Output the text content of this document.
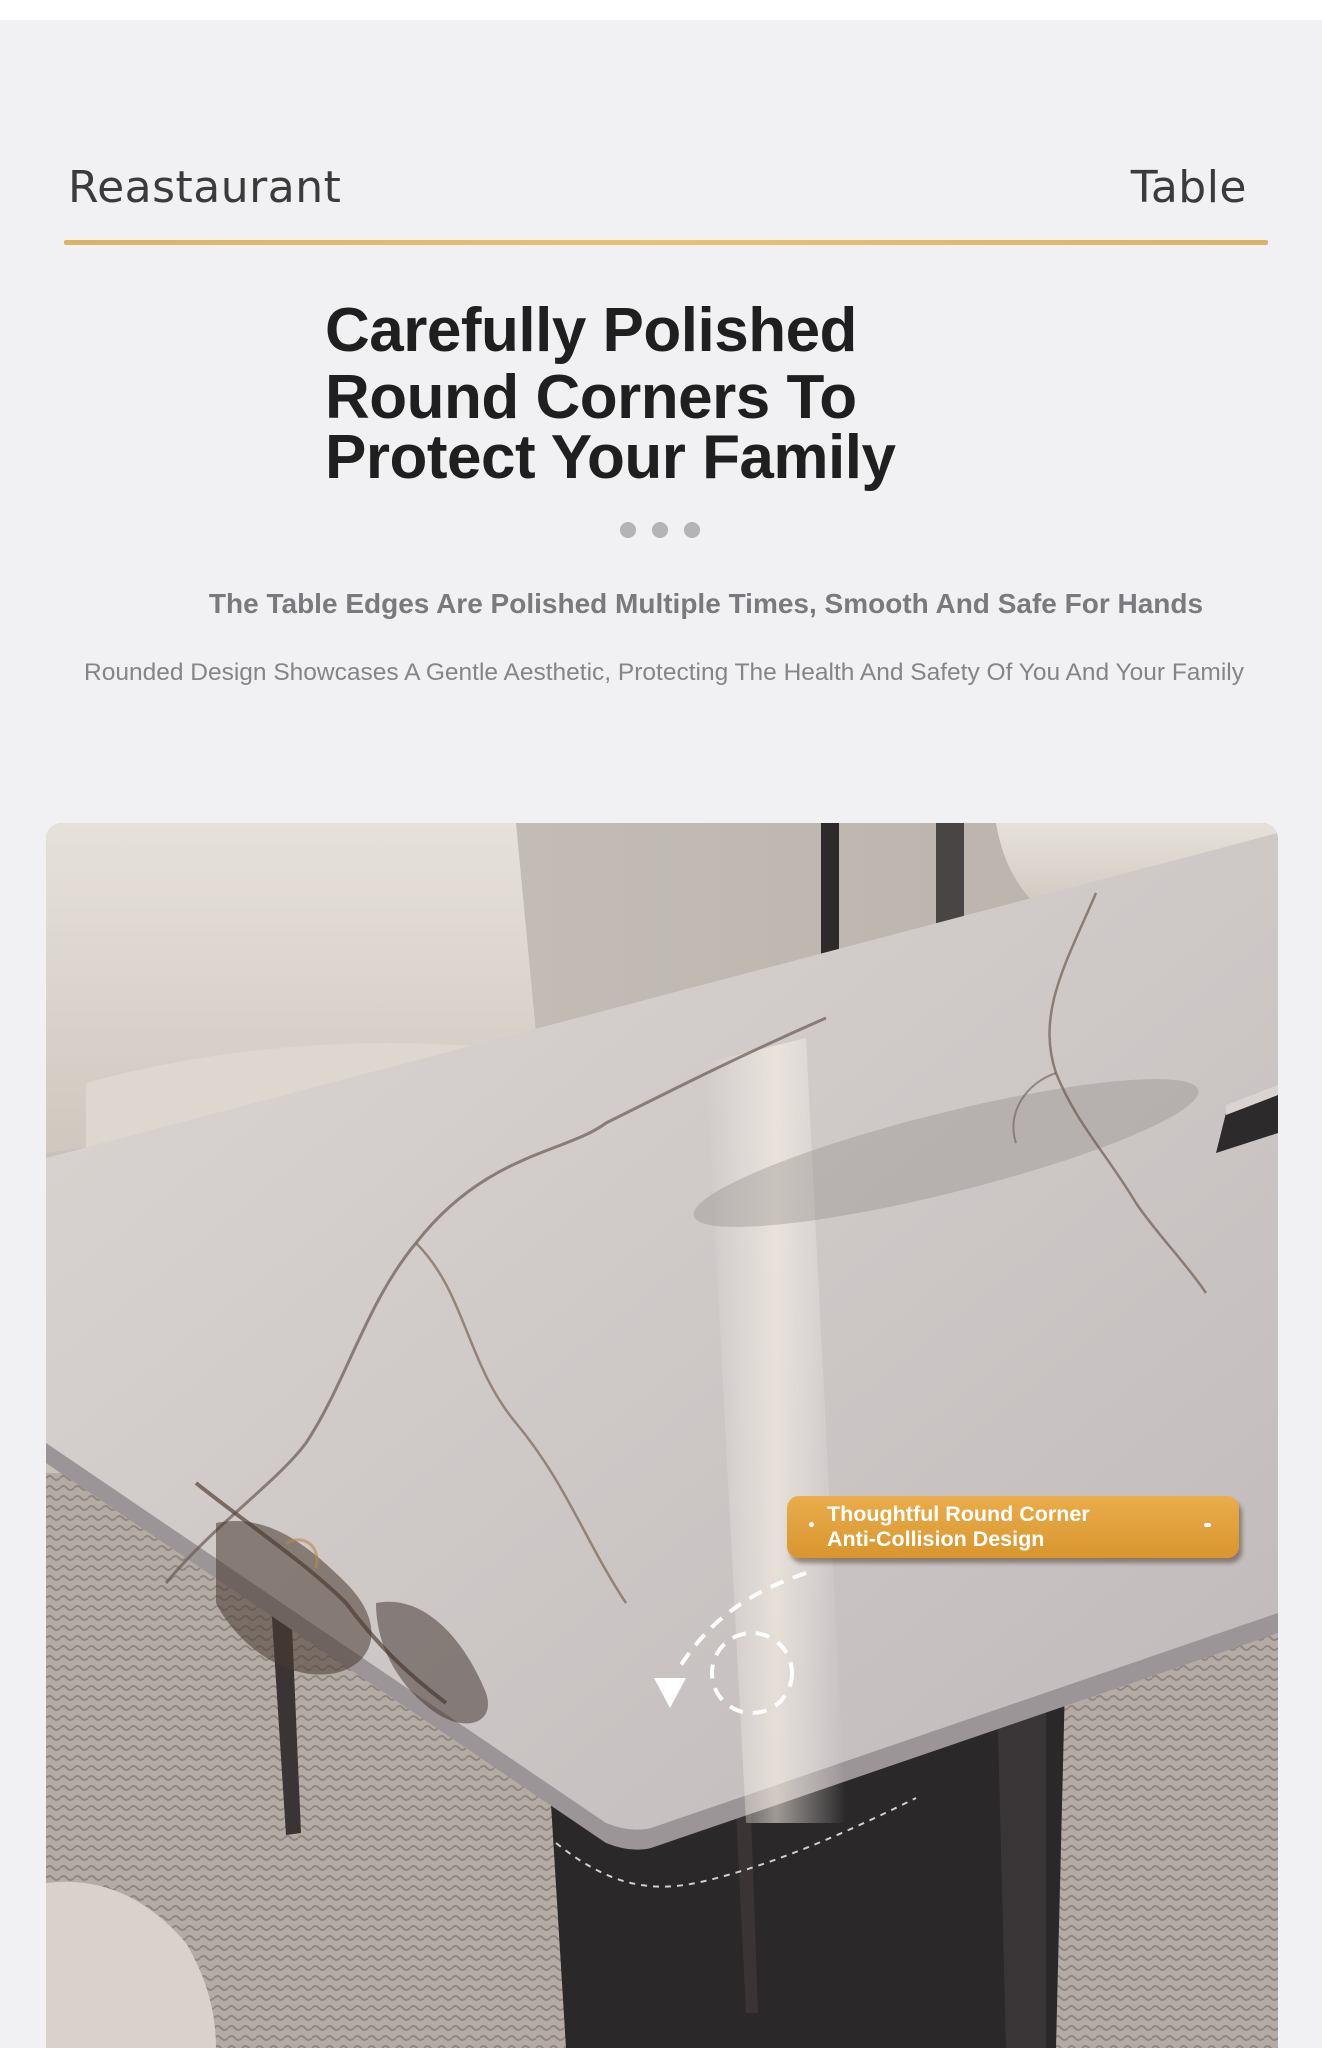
Reastaurant	Table
Carefully Polished
Round Corners To
Protect Your Family
The Table Edges Are Polished Multiple Times, Smooth And Safe For Hands
Rounded Design Showcases A Gentle Aesthetic, Protecting The Health And Safety Of You And Your Family
Thoughtful Round Corner
Anti-Collision Design
